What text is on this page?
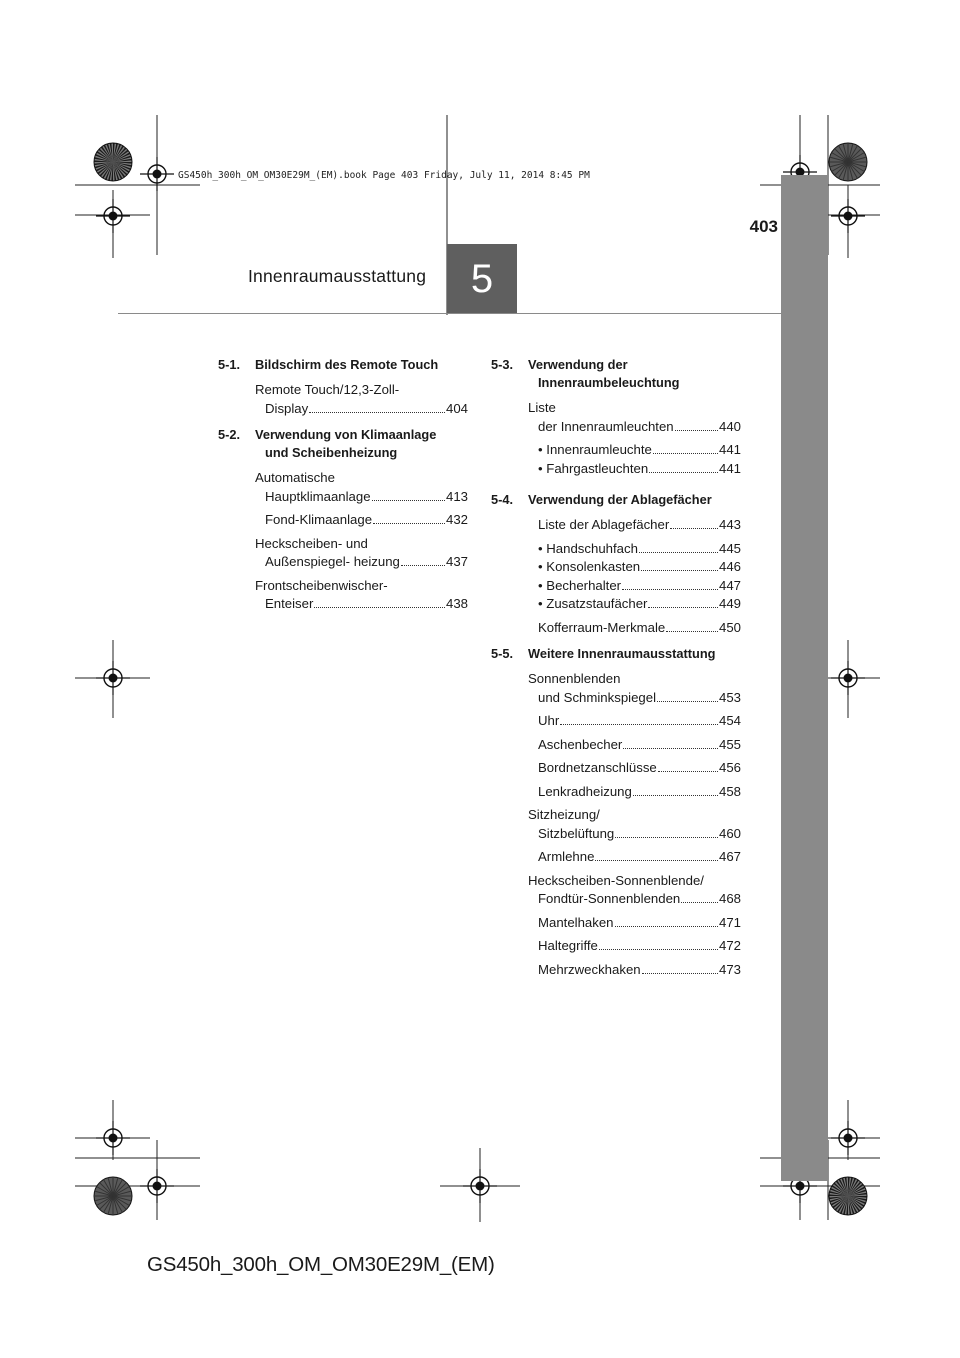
GS450h_300h_OM_OM30E29M_(EM).book Page 403 Friday, July 11, 2014 8:45 PM
403
Innenraumausstattung	5
5-1. Bildschirm des Remote Touch
Remote Touch/12,3-Zoll-
Display	404
5-2. Verwendung von Klimaanlage
und Scheibenheizung
Automatische
Hauptklimaanlage	413
Fond-Klimaanlage	432
Heckscheiben- und
Außenspiegel- heizung	437
Frontscheibenwischer-
Enteiser	438
5-3. Verwendung der
Innenraumbeleuchtung
Liste
der Innenraumleuchten	440
• Innenraumleuchte	441
• Fahrgastleuchten	441
5-4. Verwendung der Ablagefächer
Liste der Ablagefächer	443
• Handschuhfach	445
• Konsolenkasten	446
• Becherhalter	447
• Zusatzstaufächer	449
Kofferraum-Merkmale	450
5-5. Weitere Innenraumausstattung
Sonnenblenden
und Schminkspiegel	453
Uhr	454
Aschenbecher	455
Bordnetzanschlüsse	456
Lenkradheizung	458
Sitzheizung/
Sitzbelüftung	460
Armlehne	467
Heckscheiben-Sonnenblende/
Fondtür-Sonnenblenden	468
Mantelhaken	471
Haltegriffe	472
Mehrzweckhaken	473
GS450h_300h_OM_OM30E29M_(EM)
